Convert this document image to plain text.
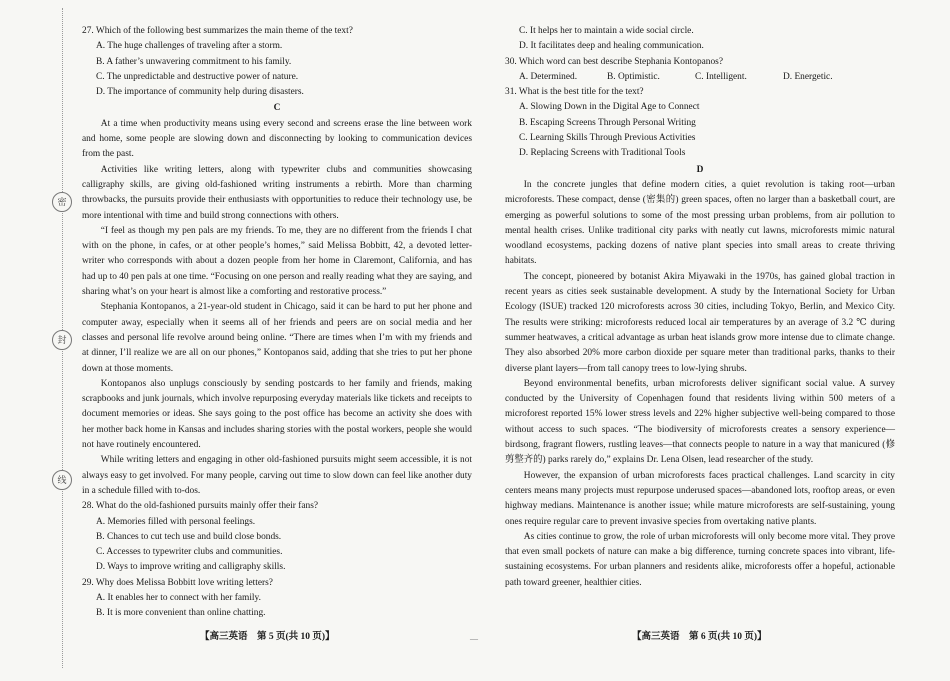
密
封
线

27. Which of the following best summarizes the main theme of the text?

A. The huge challenges of traveling after a storm.

B. A father’s unwavering commitment to his family.

C. The unpredictable and destructive power of nature.

D. The importance of community help during disasters.

C

At a time when productivity means using every second and screens erase the line between work and home, some people are slowing down and disconnecting by looking to communication devices from the past.

Activities like writing letters, along with typewriter clubs and communities showcasing calligraphy skills, are giving old-fashioned writing instruments a rebirth. More than charming throwbacks, the pursuits provide their enthusiasts with opportunities to reduce their technology use, be more intentional with time and build strong connections with others.

“I feel as though my pen pals are my friends. To me, they are no different from the friends I chat with on the phone, in cafes, or at other people’s homes,” said Melissa Bobbitt, 42, a devoted letter-writer who corresponds with about a dozen people from her home in Claremont, California, and has had up to 40 pen pals at one time. “Focusing on one person and really reading what they are saying, and sharing what’s on your heart is almost like a comforting and restorative process.”

Stephania Kontopanos, a 21-year-old student in Chicago, said it can be hard to put her phone and computer away, especially when it seems all of her friends and peers are on social media and her classes and personal life revolve around being online. “There are times when I’m with my friends and at dinner, I’ll realize we are all on our phones,” Kontopanos said, adding that she tries to put her phone down at those moments.

Kontopanos also unplugs consciously by sending postcards to her family and friends, making scrapbooks and junk journals, which involve repurposing everyday materials like tickets and receipts to document memories or ideas. She says going to the post office has become an activity she does with her mother back home in Kansas and includes sharing stories with the postal workers, people she would not have routinely encountered.

While writing letters and engaging in other old-fashioned pursuits might seem accessible, it is not always easy to get involved. For many people, carving out time to slow down can feel like another duty in a schedule filled with to-dos.

28. What do the old-fashioned pursuits mainly offer their fans?

A. Memories filled with personal feelings.

B. Chances to cut tech use and build close bonds.

C. Accesses to typewriter clubs and communities.

D. Ways to improve writing and calligraphy skills.

29. Why does Melissa Bobbitt love writing letters?

A. It enables her to connect with her family.

B. It is more convenient than online chatting.

C. It helps her to maintain a wide social circle.

D. It facilitates deep and healing communication.

30. Which word can best describe Stephania Kontopanos?

A. Determined.	B. Optimistic.	C. Intelligent.	D. Energetic.

31. What is the best title for the text?

A. Slowing Down in the Digital Age to Connect

B. Escaping Screens Through Personal Writing

C. Learning Skills Through Previous Activities

D. Replacing Screens with Traditional Tools

D

In the concrete jungles that define modern cities, a quiet revolution is taking root—urban microforests. These compact, dense (密集的) green spaces, often no larger than a basketball court, are emerging as powerful solutions to some of the most pressing urban problems, from air pollution to mental health crises. Unlike traditional city parks with neatly cut lawns, microforests mimic natural woodland ecosystems, packing dozens of native plant species into small areas to create thriving habitats.

The concept, pioneered by botanist Akira Miyawaki in the 1970s, has gained global traction in recent years as cities seek sustainable development. A study by the International Society for Urban Ecology (ISUE) tracked 120 microforests across 30 cities, including Tokyo, Berlin, and Mexico City. The results were striking: microforests reduced local air temperatures by an average of 3.2 ℃ during summer heatwaves, a critical advantage as urban heat islands grow more intense due to climate change. They also absorbed 20% more carbon dioxide per square meter than traditional parks, thanks to their diverse plant layers—from tall canopy trees to low-lying shrubs.

Beyond environmental benefits, urban microforests deliver significant social value. A survey conducted by the University of Copenhagen found that residents living within 500 meters of a microforest reported 15% lower stress levels and 22% higher subjective well-being compared to those without access to such spaces. “The biodiversity of microforests creates a sensory experience—birdsong, fragrant flowers, rustling leaves—that connects people to nature in a way that manicured (修剪整齐的) parks rarely do,” explains Dr. Lena Olsen, lead researcher of the study.

However, the expansion of urban microforests faces practical challenges. Land scarcity in city centers means many projects must repurpose underused spaces—abandoned lots, rooftop areas, or even highway medians. Maintenance is another issue; while mature microforests are self-sustaining, young ones require regular care to prevent invasive species from overtaking native plants.

As cities continue to grow, the role of urban microforests will only become more vital. They prove that even small pockets of nature can make a big difference, turning concrete spaces into vibrant, life-sustaining ecosystems. For urban planners and residents alike, microforests offer a hopeful, actionable path toward greener, healthier cities.

【高三英语　第 5 页(共 10 页)】	—	【高三英语　第 6 页(共 10 页)】
